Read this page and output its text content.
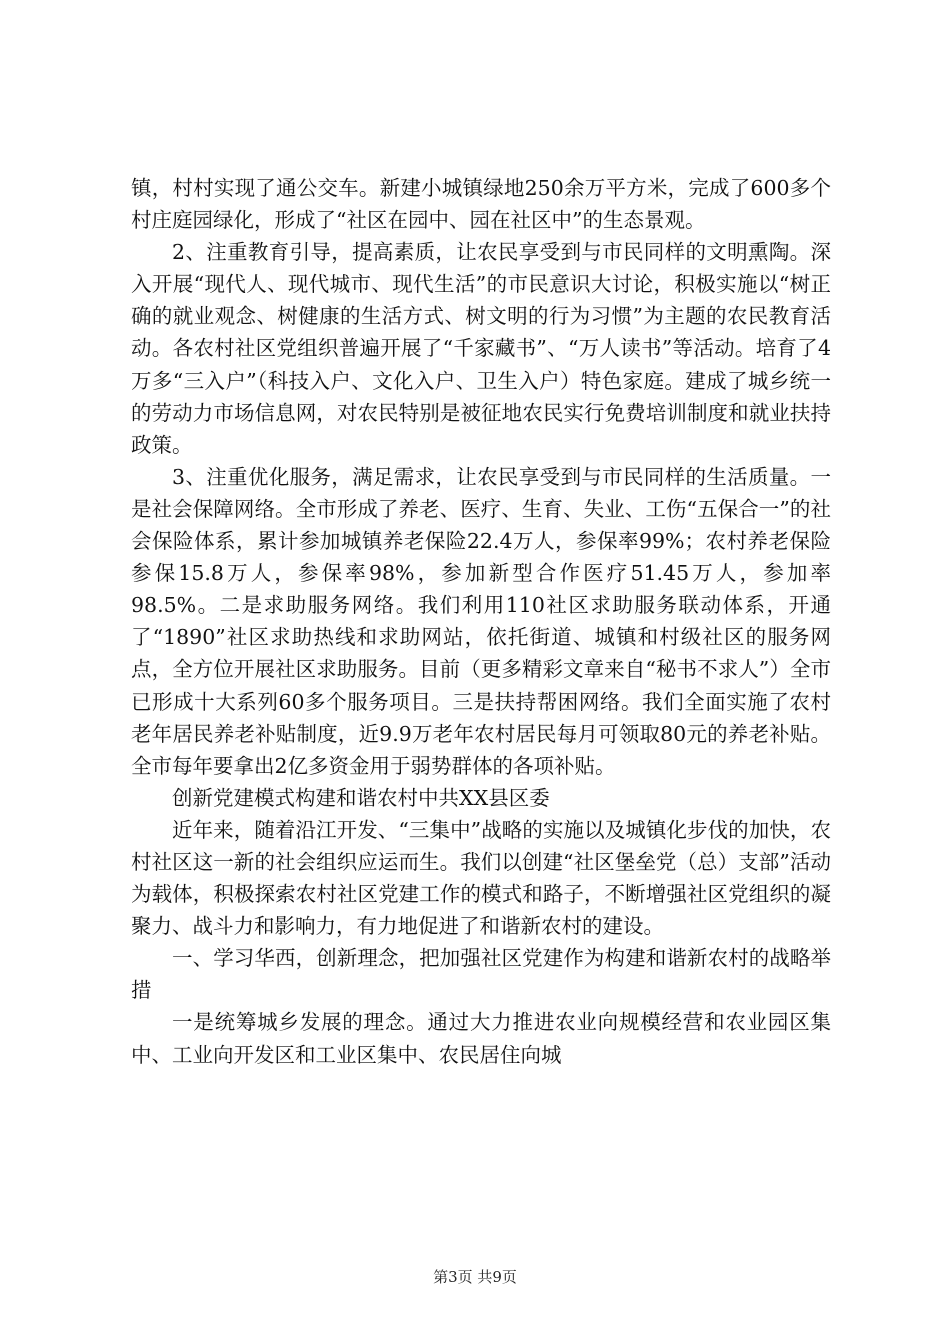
镇，村村实现了通公交车。新建小城镇绿地250余万平方米，完成了600多个村庄庭园绿化，形成了“社区在园中、园在社区中”的生态景观。

2、注重教育引导，提高素质，让农民享受到与市民同样的文明熏陶。深入开展“现代人、现代城市、现代生活”的市民意识大讨论，积极实施以“树正确的就业观念、树健康的生活方式、树文明的行为习惯”为主题的农民教育活动。各农村社区党组织普遍开展了“千家藏书”、“万人读书”等活动。培育了4万多“三入户”（科技入户、文化入户、卫生入户）特色家庭。建成了城乡统一的劳动力市场信息网，对农民特别是被征地农民实行免费培训制度和就业扶持政策。

3、注重优化服务，满足需求，让农民享受到与市民同样的生活质量。一是社会保障网络。全市形成了养老、医疗、生育、失业、工伤“五保合一”的社会保险体系，累计参加城镇养老保险22.4万人，参保率99%；农村养老保险参保15.8万人，参保率98%，参加新型合作医疗51.45万人，参加率98.5%。二是求助服务网络。我们利用110社区求助服务联动体系，开通了“1890”社区求助热线和求助网站，依托街道、城镇和村级社区的服务网点，全方位开展社区求助服务。目前（更多精彩文章来自“秘书不求人”）全市已形成十大系列60多个服务项目。三是扶持帮困网络。我们全面实施了农村老年居民养老补贴制度，近9.9万老年农村居民每月可领取80元的养老补贴。全市每年要拿出2亿多资金用于弱势群体的各项补贴。

创新党建模式构建和谐农村中共XX县区委

近年来，随着沿江开发、“三集中”战略的实施以及城镇化步伐的加快，农村社区这一新的社会组织应运而生。我们以创建“社区堡垒党（总）支部”活动为载体，积极探索农村社区党建工作的模式和路子，不断增强社区党组织的凝聚力、战斗力和影响力，有力地促进了和谐新农村的建设。

一、学习华西，创新理念，把加强社区党建作为构建和谐新农村的战略举措

一是统筹城乡发展的理念。通过大力推进农业向规模经营和农业园区集中、工业向开发区和工业区集中、农民居住向城

第3页 共9页
